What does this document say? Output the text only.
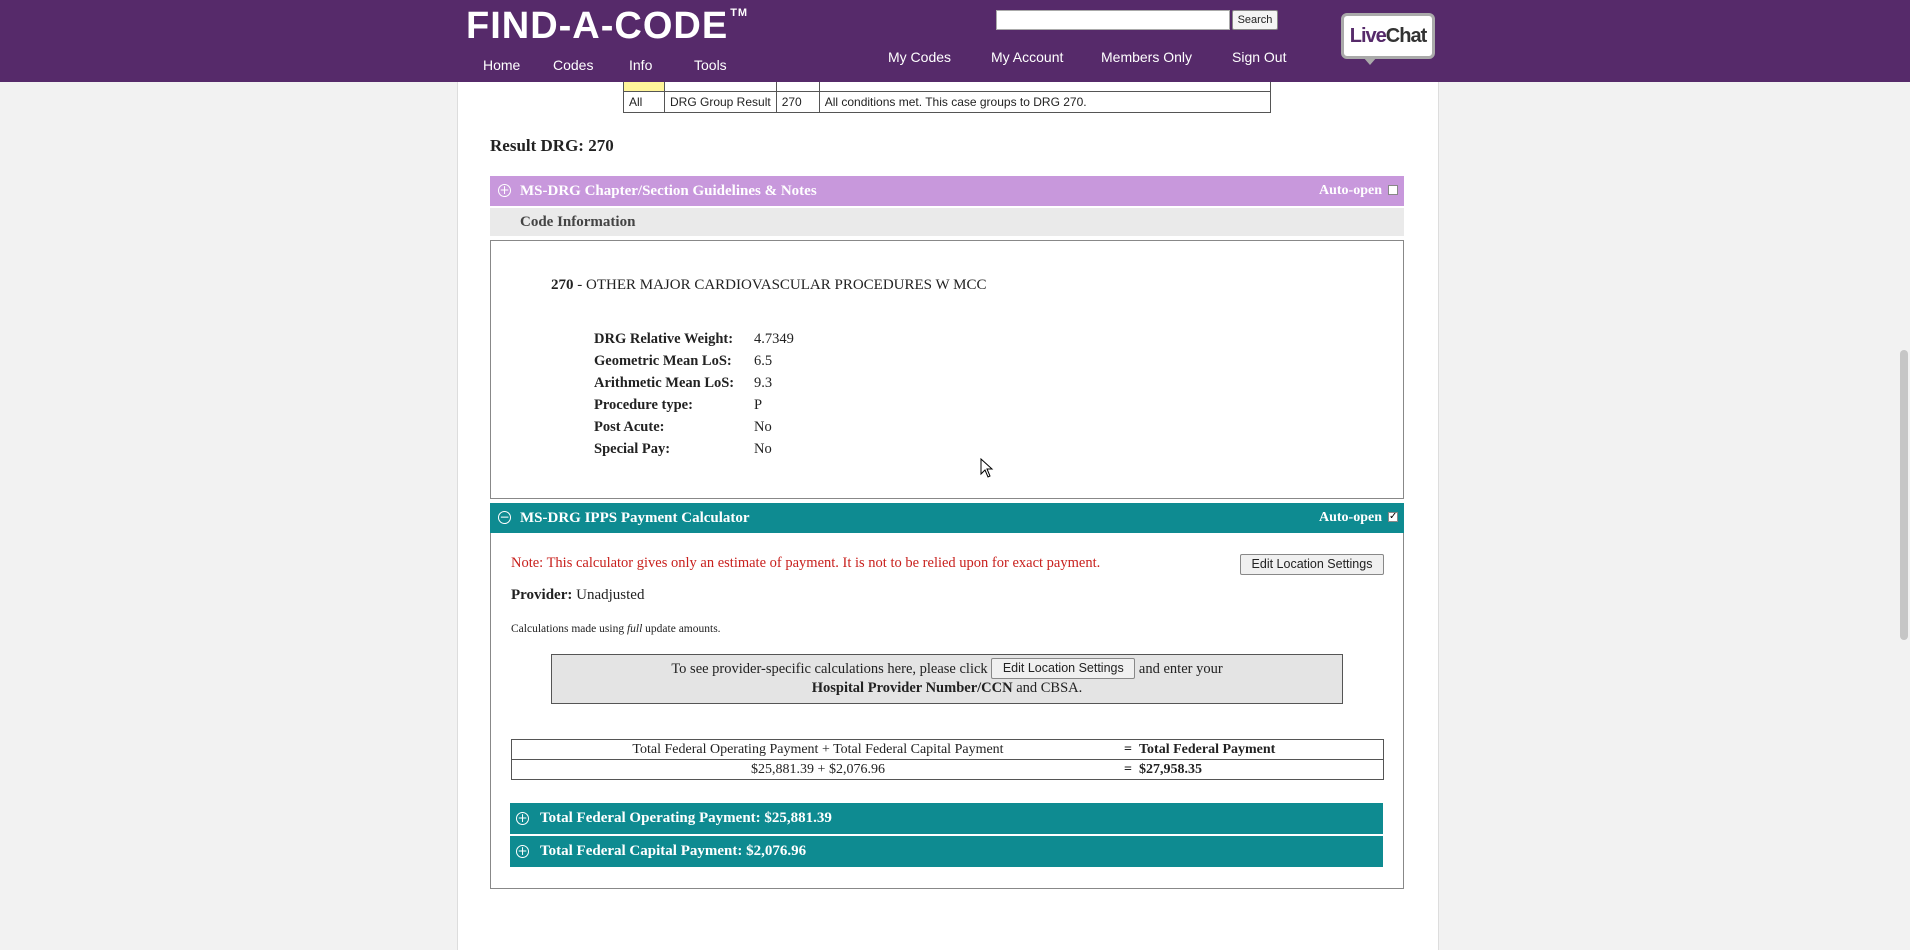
All	DRG Group Result	270	All conditions met. This case groups to DRG 270.
Result DRG: 270
+ MS-DRG Chapter/Section Guidelines & Notes	Auto-open
Code Information
270 - OTHER MAJOR CARDIOVASCULAR PROCEDURES W MCC
DRG Relative Weight: 4.7349
Geometric Mean LoS: 6.5
Arithmetic Mean LoS: 9.3
Procedure type:	P
Post Acute:	No
Special Pay:	No
− MS-DRG IPPS Payment Calculator	Auto-open ✓
Note: This calculator gives only an estimate of payment. It is not to be relied upon for exact payment.	Edit Location Settings
Provider: Unadjusted
Calculations made using full update amounts.
To see provider-specific calculations here, please click Edit Location Settings and enter your
Hospital Provider Number/CCN and CBSA.
Total Federal Operating Payment + Total Federal Capital Payment	= Total Federal Payment
$25,881.39 + $2,076.96	= $27,958.35
+ Total Federal Operating Payment: $25,881.39
+ Total Federal Capital Payment: $2,076.96
FIND-A-CODE ™
Home Codes	Info	Tools	My Codes	My Account	Members Only	Sign Out
Search
LiveChat
